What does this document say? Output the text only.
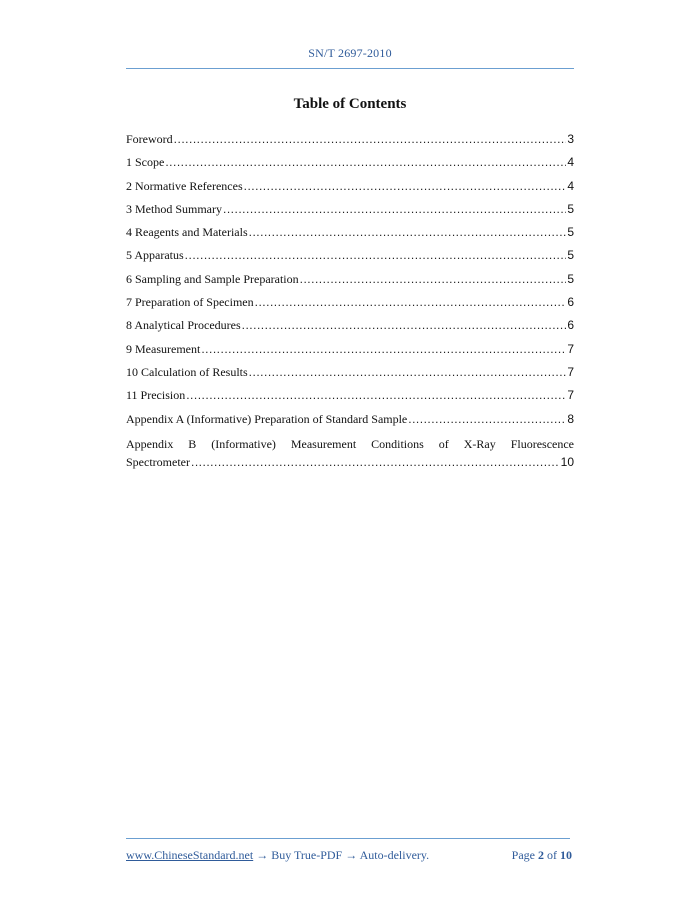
SN/T 2697-2010
Table of Contents
Foreword .....	3
1 Scope .....	4
2 Normative References .....	4
3 Method Summary .....	5
4 Reagents and Materials .....	5
5 Apparatus .....	5
6 Sampling and Sample Preparation .....	5
7 Preparation of Specimen .....	6
8 Analytical Procedures .....	6
9 Measurement .....	7
10 Calculation of Results .....	7
11 Precision .....	7
Appendix A (Informative) Preparation of Standard Sample .....	8
Appendix B (Informative) Measurement Conditions of X-Ray Fluorescence
Spectrometer .....	10
www.ChineseStandard.net → Buy True-PDF → Auto-delivery.	Page 2 of 10
